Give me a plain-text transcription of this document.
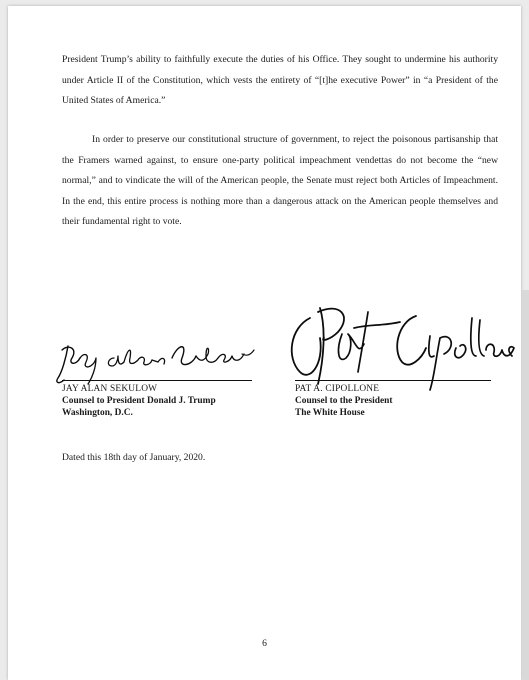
President Trump’s ability to faithfully execute the duties of his Office. They sought to undermine his authority under Article II of the Constitution, which vests the entirety of “[t]he executive Power” in “a President of the United States of America.”

In order to preserve our constitutional structure of government, to reject the poisonous partisanship that the Framers warned against, to ensure one-party political impeachment vendettas do not become the “new normal,” and to vindicate the will of the American people, the Senate must reject both Articles of Impeachment. In the end, this entire process is nothing more than a dangerous attack on the American people themselves and their fundamental right to vote.

JAY ALAN SEKULOW
Counsel to President Donald J. Trump
Washington, D.C.
PAT A. CIPOLLONE
Counsel to the President
The White House
Dated this 18th day of January, 2020.
6
